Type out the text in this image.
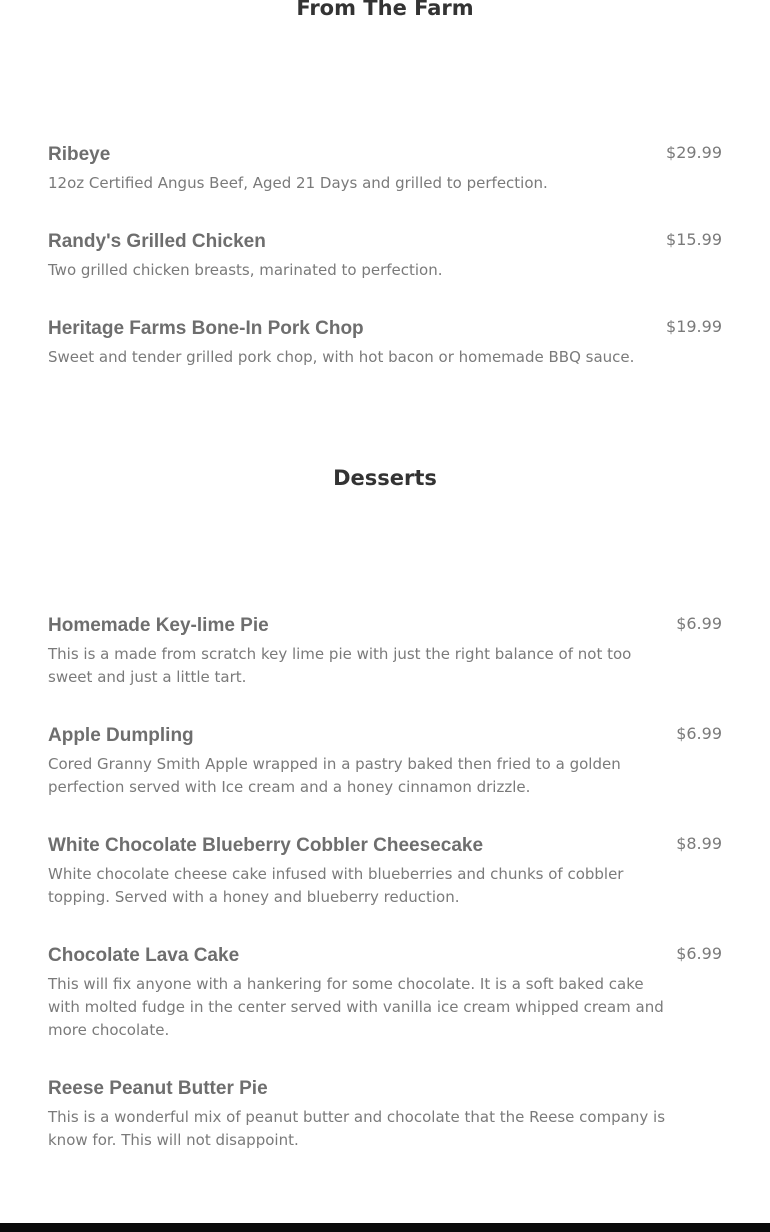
From The Farm
Ribeye	$29.99
12oz Certified Angus Beef, Aged 21 Days and grilled to perfection.
Randy's Grilled Chicken	$15.99
Two grilled chicken breasts, marinated to perfection.
Heritage Farms Bone-In Pork Chop	$19.99
Sweet and tender grilled pork chop, with hot bacon or homemade BBQ sauce.
Desserts
Homemade Key-lime Pie	$6.99
This is a made from scratch key lime pie with just the right balance of not too sweet and just a little tart.
Apple Dumpling	$6.99
Cored Granny Smith Apple wrapped in a pastry baked then fried to a golden perfection served with Ice cream and a honey cinnamon drizzle.
White Chocolate Blueberry Cobbler Cheesecake	$8.99
White chocolate cheese cake infused with blueberries and chunks of cobbler topping. Served with a honey and blueberry reduction.
Chocolate Lava Cake	$6.99
This will fix anyone with a hankering for some chocolate. It is a soft baked cake with molted fudge in the center served with vanilla ice cream whipped cream and more chocolate.
Reese Peanut Butter Pie
This is a wonderful mix of peanut butter and chocolate that the Reese company is know for. This will not disappoint.
